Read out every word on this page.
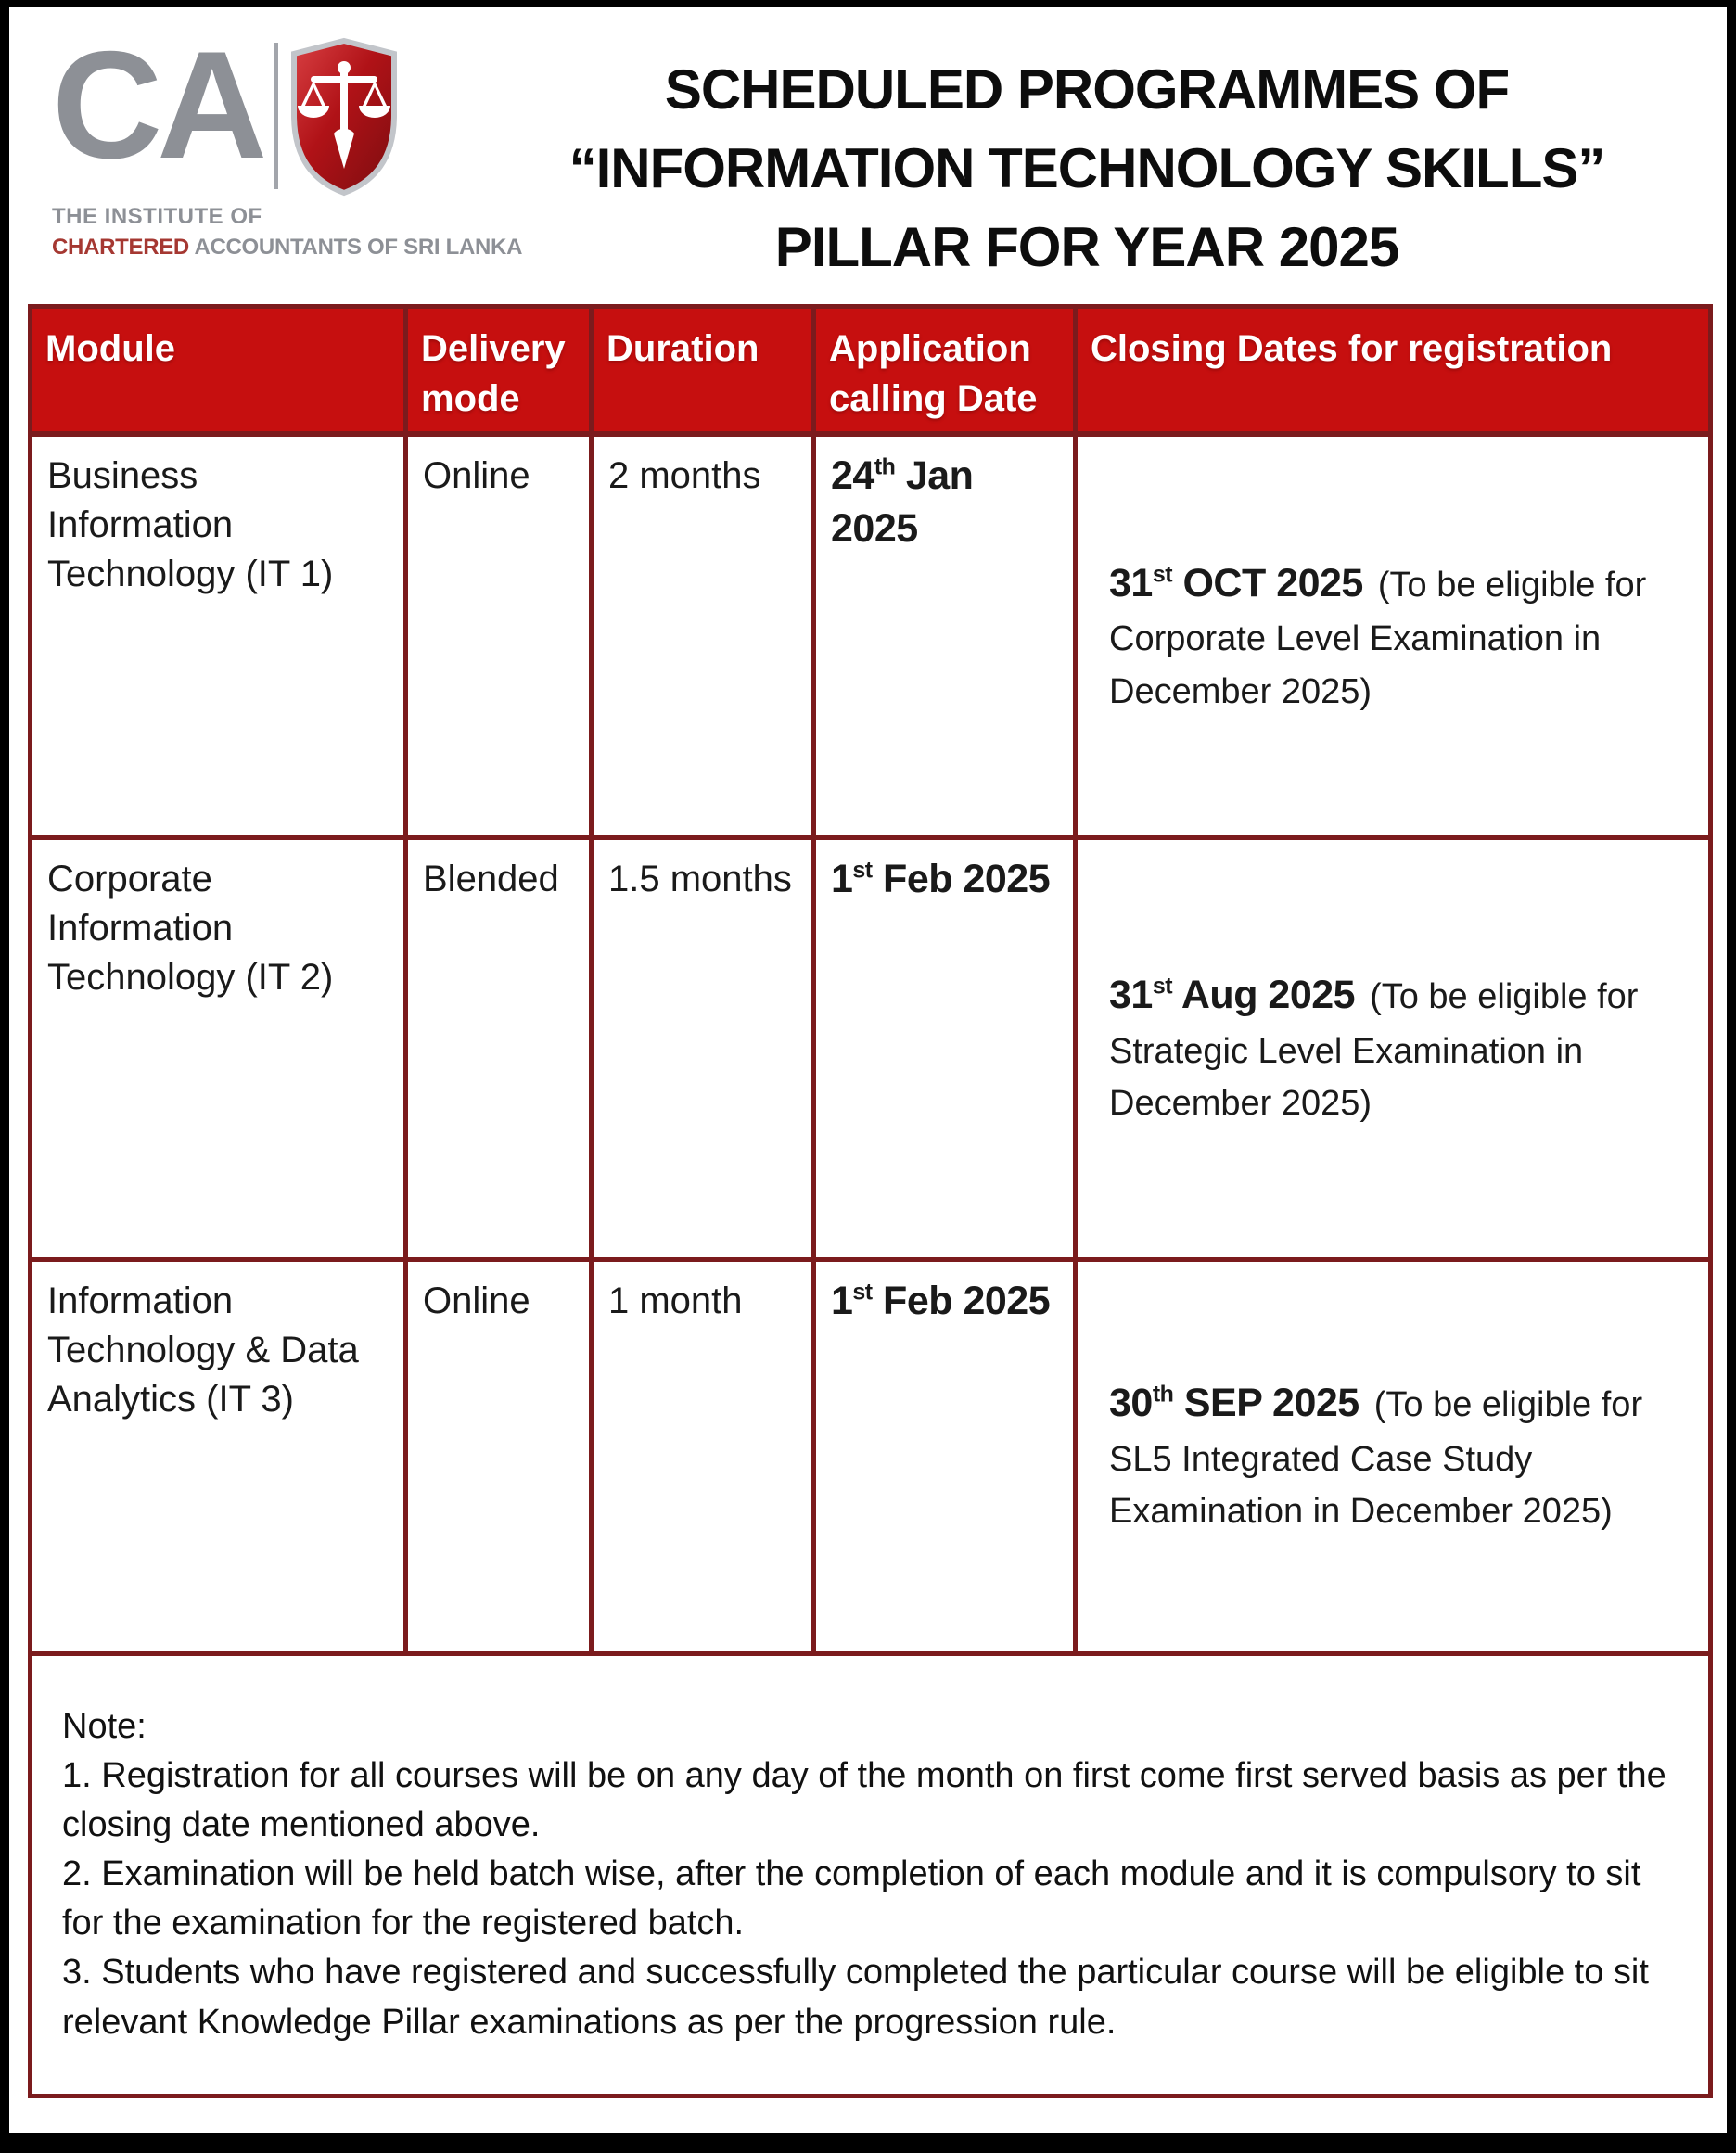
CA
THE INSTITUTE OF
CHARTERED ACCOUNTANTS OF SRI LANKA
SCHEDULED PROGRAMMES OF
“INFORMATION TECHNOLOGY SKILLS”
PILLAR FOR YEAR 2025
Module	Delivery mode	Duration	Application calling Date	Closing Dates for registration
Business Information Technology (IT 1)	Online	2 months	24th Jan 2025	31st OCT 2025 (To be eligible for Corporate Level Examination in December 2025)
Corporate Information Technology (IT 2)	Blended	1.5 months	1st Feb 2025	31st Aug 2025 (To be eligible for Strategic Level Examination in December 2025)
Information Technology & Data Analytics (IT 3)	Online	1 month	1st Feb 2025	30th SEP 2025 (To be eligible for SL5 Integrated Case Study Examination in December 2025)

Note:

1. Registration for all courses will be on any day of the month on first come first served basis as per the closing date mentioned above.

2. Examination will be held batch wise, after the completion of each module and it is compulsory to sit for the examination for the registered batch.

3. Students who have registered and successfully completed the particular course will be eligible to sit relevant Knowledge Pillar examinations as per the progression rule.				
